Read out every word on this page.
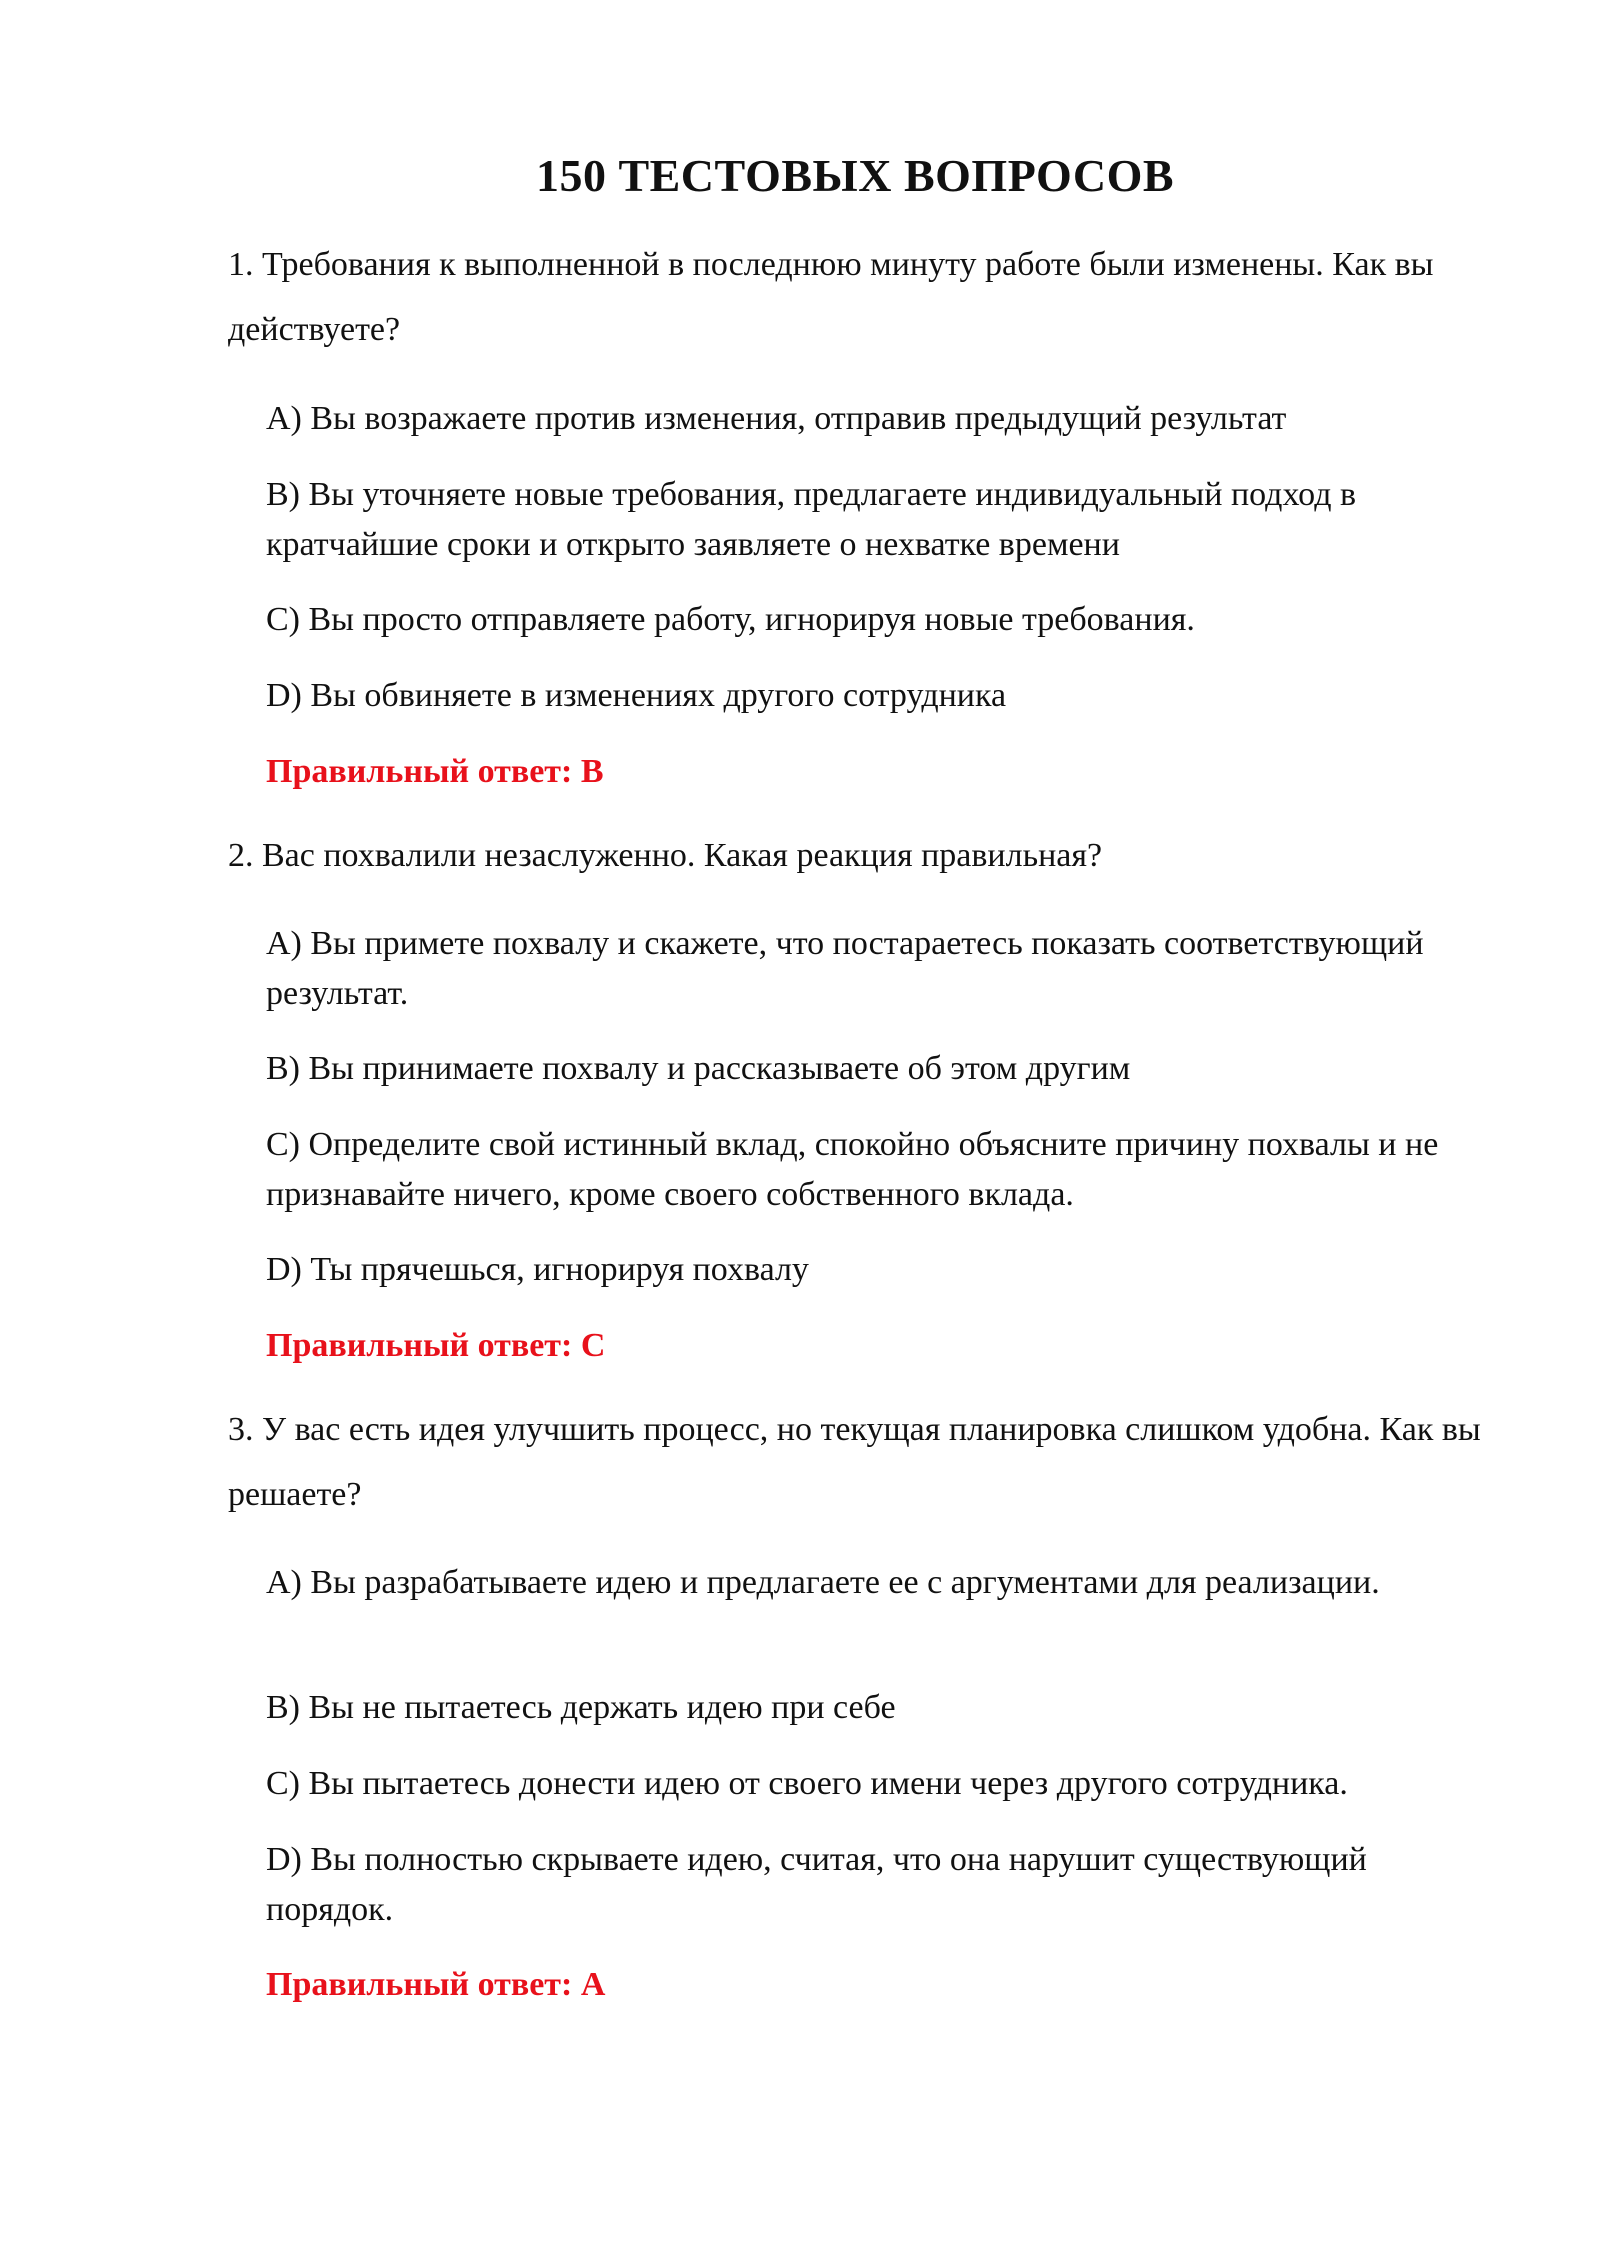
150 ТЕСТОВЫХ ВОПРОСОВ
1. Требования к выполненной в последнюю минуту работе были изменены. Как вы действуете?
A) Вы возражаете против изменения, отправив предыдущий результат
B) Вы уточняете новые требования, предлагаете индивидуальный подход в кратчайшие сроки и открыто заявляете о нехватке времени
C) Вы просто отправляете работу, игнорируя новые требования.
D) Вы обвиняете в изменениях другого сотрудника
Правильный ответ: B
2. Вас похвалили незаслуженно. Какая реакция правильная?
A) Вы примете похвалу и скажете, что постараетесь показать соответствующий результат.
B) Вы принимаете похвалу и рассказываете об этом другим
C) Определите свой истинный вклад, спокойно объясните причину похвалы и не признавайте ничего, кроме своего собственного вклада.
D) Ты прячешься, игнорируя похвалу
Правильный ответ: C
3. У вас есть идея улучшить процесс, но текущая планировка слишком удобна. Как вы решаете?
A) Вы разрабатываете идею и предлагаете ее с аргументами для реализации.
B) Вы не пытаетесь держать идею при себе
C) Вы пытаетесь донести идею от своего имени через другого сотрудника.
D) Вы полностью скрываете идею, считая, что она нарушит существующий порядок.
Правильный ответ: A
